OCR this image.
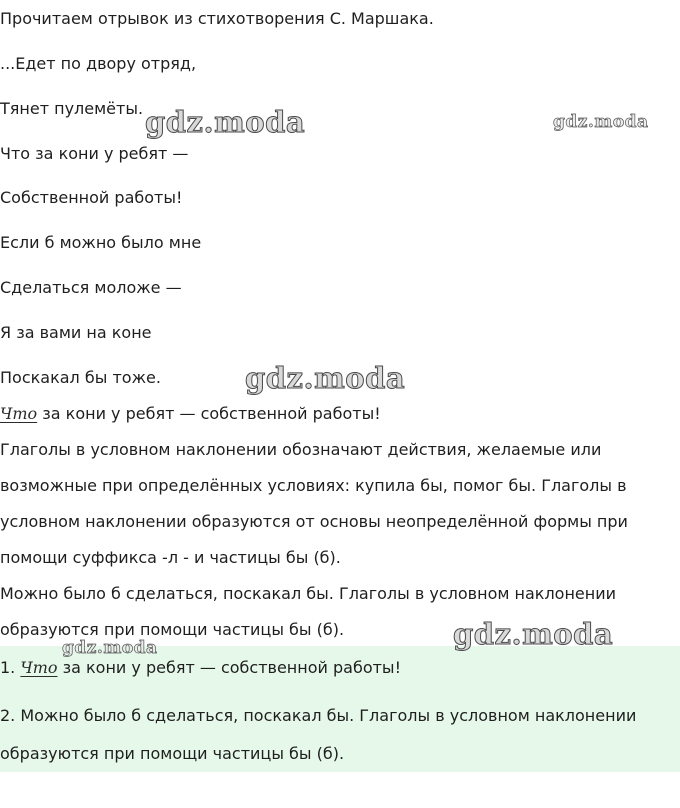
Прочитаем отрывок из стихотворения С. Маршака.
...Едет по двору отряд,
Тянет пулемёты.
Что за кони у ребят —
Собственной работы!
Если б можно было мне
Сделаться моложе —
Я за вами на коне
Поскакал бы тоже.
Что за кони у ребят — собственной работы!
Глаголы в условном наклонении обозначают действия, желаемые или
возможные при определённых условиях: купила бы, помог бы. Глаголы в
условном наклонении образуются от основы неопределённой формы при
помощи суффикса -л - и частицы бы (б).
Можно было б сделаться, поскакал бы. Глаголы в условном наклонении
образуются при помощи частицы бы (б).
1. Что за кони у ребят — собственной работы!
2. Можно было б сделаться, поскакал бы. Глаголы в условном наклонении
образуются при помощи частицы бы (б).
gdz.moda	gdz.moda
gdz.moda
gdz.moda
gdz.moda
